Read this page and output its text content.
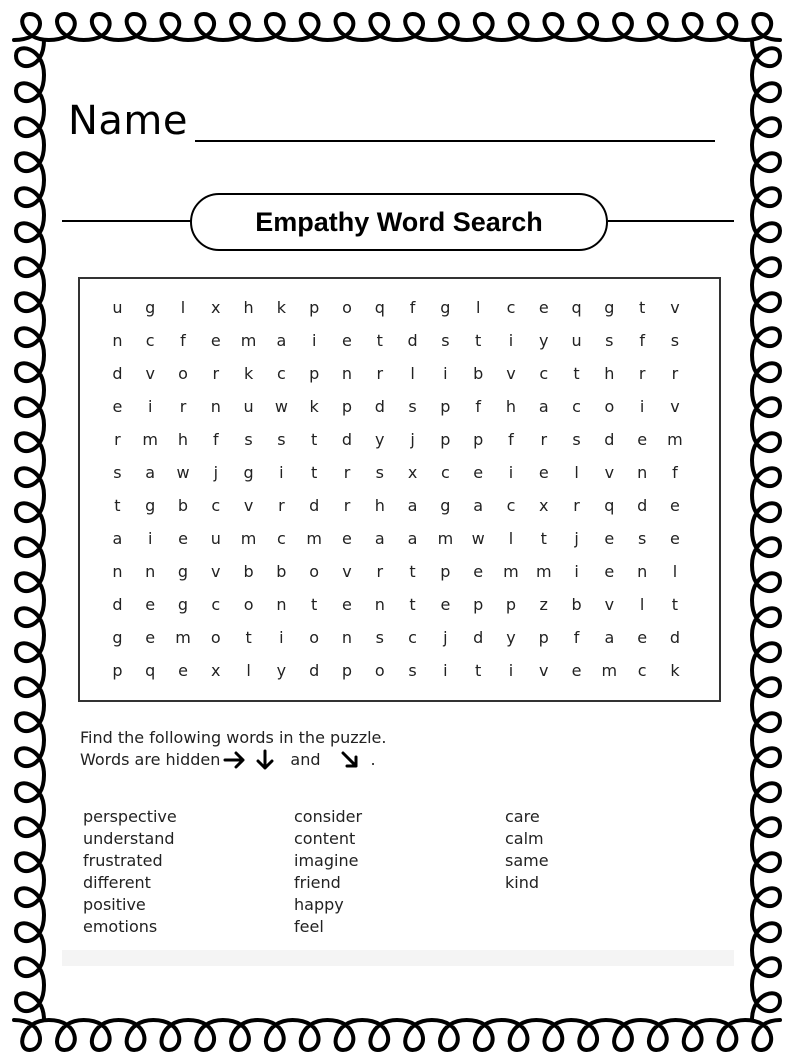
Name
Empathy Word Search
u	g	l	x	h	k	p	o	q	f	g	l	c	e	q	g	t	v
n	c	f	e	m	a	i	e	t	d	s	t	i	y	u	s	f	s
d	v	o	r	k	c	p	n	r	l	i	b	v	c	t	h	r	r
e	i	r	n	u	w	k	p	d	s	p	f	h	a	c	o	i	v
r	m	h	f	s	s	t	d	y	j	p	p	f	r	s	d	e	m
s	a	w	j	g	i	t	r	s	x	c	e	i	e	l	v	n	f
t	g	b	c	v	r	d	r	h	a	g	a	c	x	r	q	d	e
a	i	e	u	m	c	m	e	a	a	m	w	l	t	j	e	s	e
n	n	g	v	b	b	o	v	r	t	p	e	m	m	i	e	n	l
d	e	g	c	o	n	t	e	n	t	e	p	p	z	b	v	l	t
g	e	m	o	t	i	o	n	s	c	j	d	y	p	f	a	e	d
p	q	e	x	l	y	d	p	o	s	i	t	i	v	e	m	c	k
Find the following words in the puzzle.
Words are hidden	and	.
perspective
understand
frustrated
different
positive
emotions
consider
content
imagine
friend
happy
feel
care
calm
same
kind
